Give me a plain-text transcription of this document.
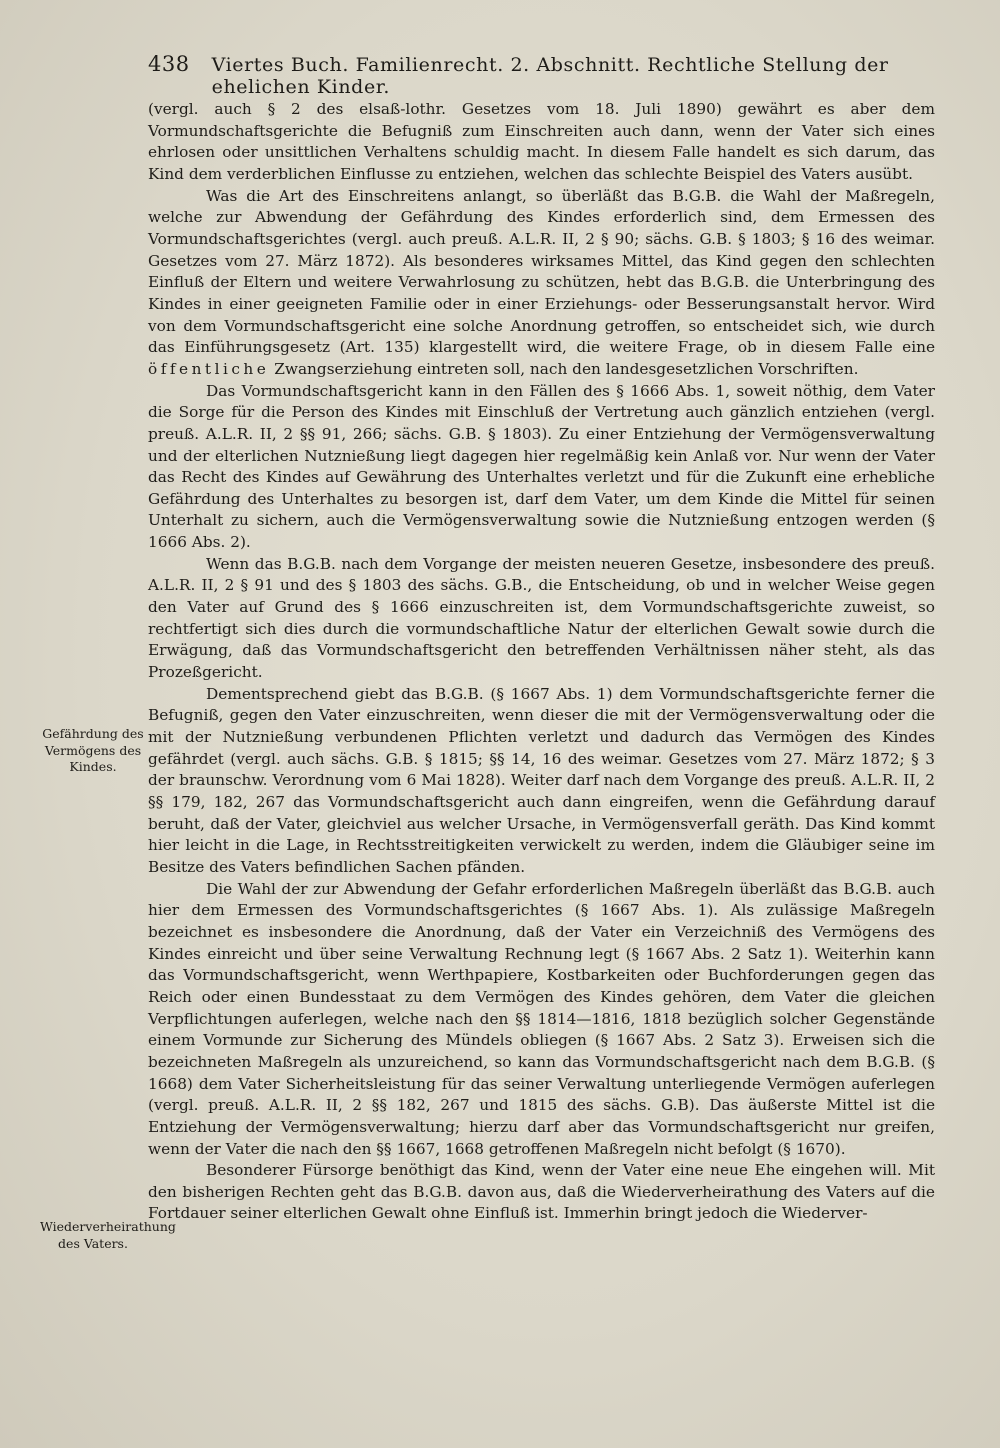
438 Viertes Buch. Familienrecht. 2. Abschnitt. Rechtliche Stellung der ehelichen Kinder.
Gefährdung des Vermögens des Kindes.
Wiederverheirathung des Vaters.

(vergl. auch § 2 des elsaß-lothr. Gesetzes vom 18. Juli 1890) gewährt es aber dem Vormundschaftsgerichte die Befugniß zum Einschreiten auch dann, wenn der Vater sich eines ehrlosen oder unsittlichen Verhaltens schuldig macht. In diesem Falle handelt es sich darum, das Kind dem verderblichen Einflusse zu entziehen, welchen das schlechte Beispiel des Vaters ausübt.

Was die Art des Einschreitens anlangt, so überläßt das B.G.B. die Wahl der Maßregeln, welche zur Abwendung der Gefährdung des Kindes erforderlich sind, dem Ermessen des Vormundschaftsgerichtes (vergl. auch preuß. A.L.R. II, 2 § 90; sächs. G.B. § 1803; § 16 des weimar. Gesetzes vom 27. März 1872). Als besonderes wirksames Mittel, das Kind gegen den schlechten Einfluß der Eltern und weitere Verwahrlosung zu schützen, hebt das B.G.B. die Unterbringung des Kindes in einer geeigneten Familie oder in einer Erziehungs- oder Besserungsanstalt hervor. Wird von dem Vormundschaftsgericht eine solche Anordnung getroffen, so entscheidet sich, wie durch das Einführungsgesetz (Art. 135) klargestellt wird, die weitere Frage, ob in diesem Falle eine öffentliche Zwangserziehung eintreten soll, nach den landesgesetzlichen Vorschriften.

Das Vormundschaftsgericht kann in den Fällen des § 1666 Abs. 1, soweit nöthig, dem Vater die Sorge für die Person des Kindes mit Einschluß der Vertretung auch gänzlich entziehen (vergl. preuß. A.L.R. II, 2 §§ 91, 266; sächs. G.B. § 1803). Zu einer Entziehung der Vermögensverwaltung und der elterlichen Nutznießung liegt dagegen hier regelmäßig kein Anlaß vor. Nur wenn der Vater das Recht des Kindes auf Gewährung des Unterhaltes verletzt und für die Zukunft eine erhebliche Gefährdung des Unterhaltes zu besorgen ist, darf dem Vater, um dem Kinde die Mittel für seinen Unterhalt zu sichern, auch die Vermögensverwaltung sowie die Nutznießung entzogen werden (§ 1666 Abs. 2).

Wenn das B.G.B. nach dem Vorgange der meisten neueren Gesetze, insbesondere des preuß. A.L.R. II, 2 § 91 und des § 1803 des sächs. G.B., die Entscheidung, ob und in welcher Weise gegen den Vater auf Grund des § 1666 einzuschreiten ist, dem Vormundschaftsgerichte zuweist, so rechtfertigt sich dies durch die vormundschaftliche Natur der elterlichen Gewalt sowie durch die Erwägung, daß das Vormundschaftsgericht den betreffenden Verhältnissen näher steht, als das Prozeßgericht.

Dementsprechend giebt das B.G.B. (§ 1667 Abs. 1) dem Vormundschaftsgerichte ferner die Befugniß, gegen den Vater einzuschreiten, wenn dieser die mit der Vermögensverwaltung oder die mit der Nutznießung verbundenen Pflichten verletzt und dadurch das Vermögen des Kindes gefährdet (vergl. auch sächs. G.B. § 1815; §§ 14, 16 des weimar. Gesetzes vom 27. März 1872; § 3 der braunschw. Verordnung vom 6 Mai 1828). Weiter darf nach dem Vorgange des preuß. A.L.R. II, 2 §§ 179, 182, 267 das Vormundschaftsgericht auch dann eingreifen, wenn die Gefährdung darauf beruht, daß der Vater, gleichviel aus welcher Ursache, in Vermögensverfall geräth. Das Kind kommt hier leicht in die Lage, in Rechtsstreitigkeiten verwickelt zu werden, indem die Gläubiger seine im Besitze des Vaters befindlichen Sachen pfänden.

Die Wahl der zur Abwendung der Gefahr erforderlichen Maßregeln überläßt das B.G.B. auch hier dem Ermessen des Vormundschaftsgerichtes (§ 1667 Abs. 1). Als zulässige Maßregeln bezeichnet es insbesondere die Anordnung, daß der Vater ein Verzeichniß des Vermögens des Kindes einreicht und über seine Verwaltung Rechnung legt (§ 1667 Abs. 2 Satz 1). Weiterhin kann das Vormundschaftsgericht, wenn Werthpapiere, Kostbarkeiten oder Buchforderungen gegen das Reich oder einen Bundesstaat zu dem Vermögen des Kindes gehören, dem Vater die gleichen Verpflichtungen auferlegen, welche nach den §§ 1814—1816, 1818 bezüglich solcher Gegenstände einem Vormunde zur Sicherung des Mündels obliegen (§ 1667 Abs. 2 Satz 3). Erweisen sich die bezeichneten Maßregeln als unzureichend, so kann das Vormundschaftsgericht nach dem B.G.B. (§ 1668) dem Vater Sicherheitsleistung für das seiner Verwaltung unterliegende Vermögen auferlegen (vergl. preuß. A.L.R. II, 2 §§ 182, 267 und 1815 des sächs. G.B). Das äußerste Mittel ist die Entziehung der Vermögensverwaltung; hierzu darf aber das Vormundschaftsgericht nur greifen, wenn der Vater die nach den §§ 1667, 1668 getroffenen Maßregeln nicht befolgt (§ 1670).

Besonderer Fürsorge benöthigt das Kind, wenn der Vater eine neue Ehe eingehen will. Mit den bisherigen Rechten geht das B.G.B. davon aus, daß die Wiederverheirathung des Vaters auf die Fortdauer seiner elterlichen Gewalt ohne Einfluß ist. Immerhin bringt jedoch die Wiederver-
